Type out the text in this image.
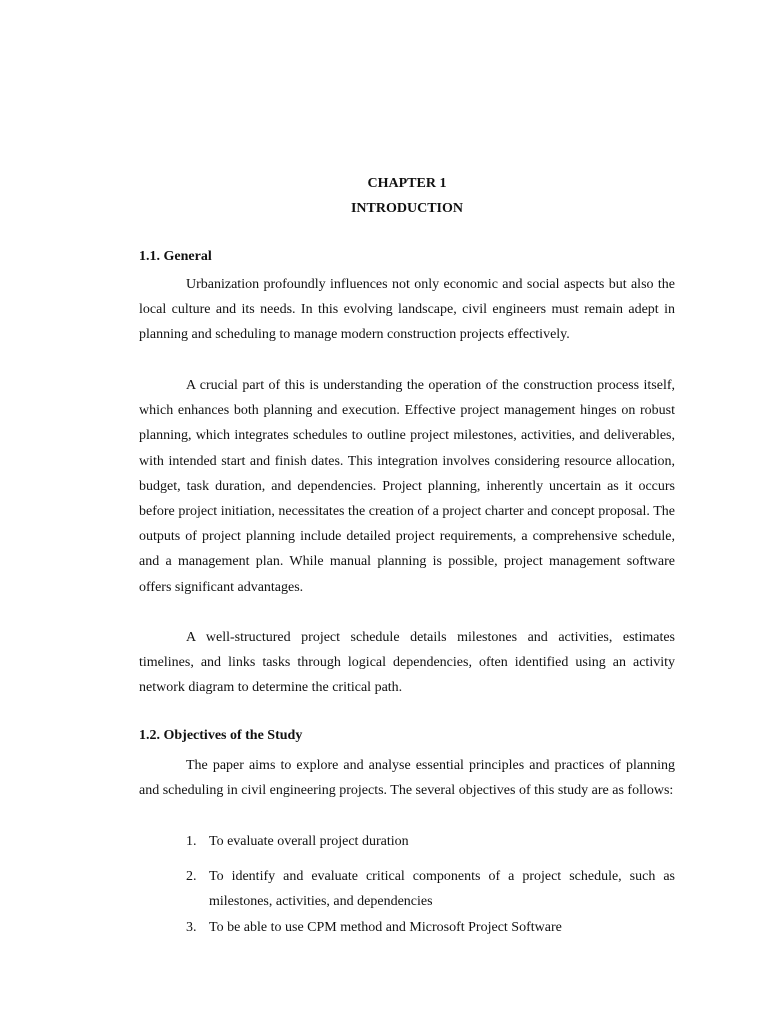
CHAPTER 1
INTRODUCTION
1.1. General

Urbanization profoundly influences not only economic and social aspects but also the local culture and its needs. In this evolving landscape, civil engineers must remain adept in planning and scheduling to manage modern construction projects effectively.

A crucial part of this is understanding the operation of the construction process itself, which enhances both planning and execution. Effective project management hinges on robust planning, which integrates schedules to outline project milestones, activities, and deliverables, with intended start and finish dates. This integration involves considering resource allocation, budget, task duration, and dependencies. Project planning, inherently uncertain as it occurs before project initiation, necessitates the creation of a project charter and concept proposal. The outputs of project planning include detailed project requirements, a comprehensive schedule, and a management plan. While manual planning is possible, project management software offers significant advantages.

A well-structured project schedule details milestones and activities, estimates timelines, and links tasks through logical dependencies, often identified using an activity network diagram to determine the critical path.

1.2. Objectives of the Study

The paper aims to explore and analyse essential principles and practices of planning and scheduling in civil engineering projects. The several objectives of this study are as follows:

1. To evaluate overall project duration
2. To identify and evaluate critical components of a project schedule, such as milestones, activities, and dependencies
3. To be able to use CPM method and Microsoft Project Software
